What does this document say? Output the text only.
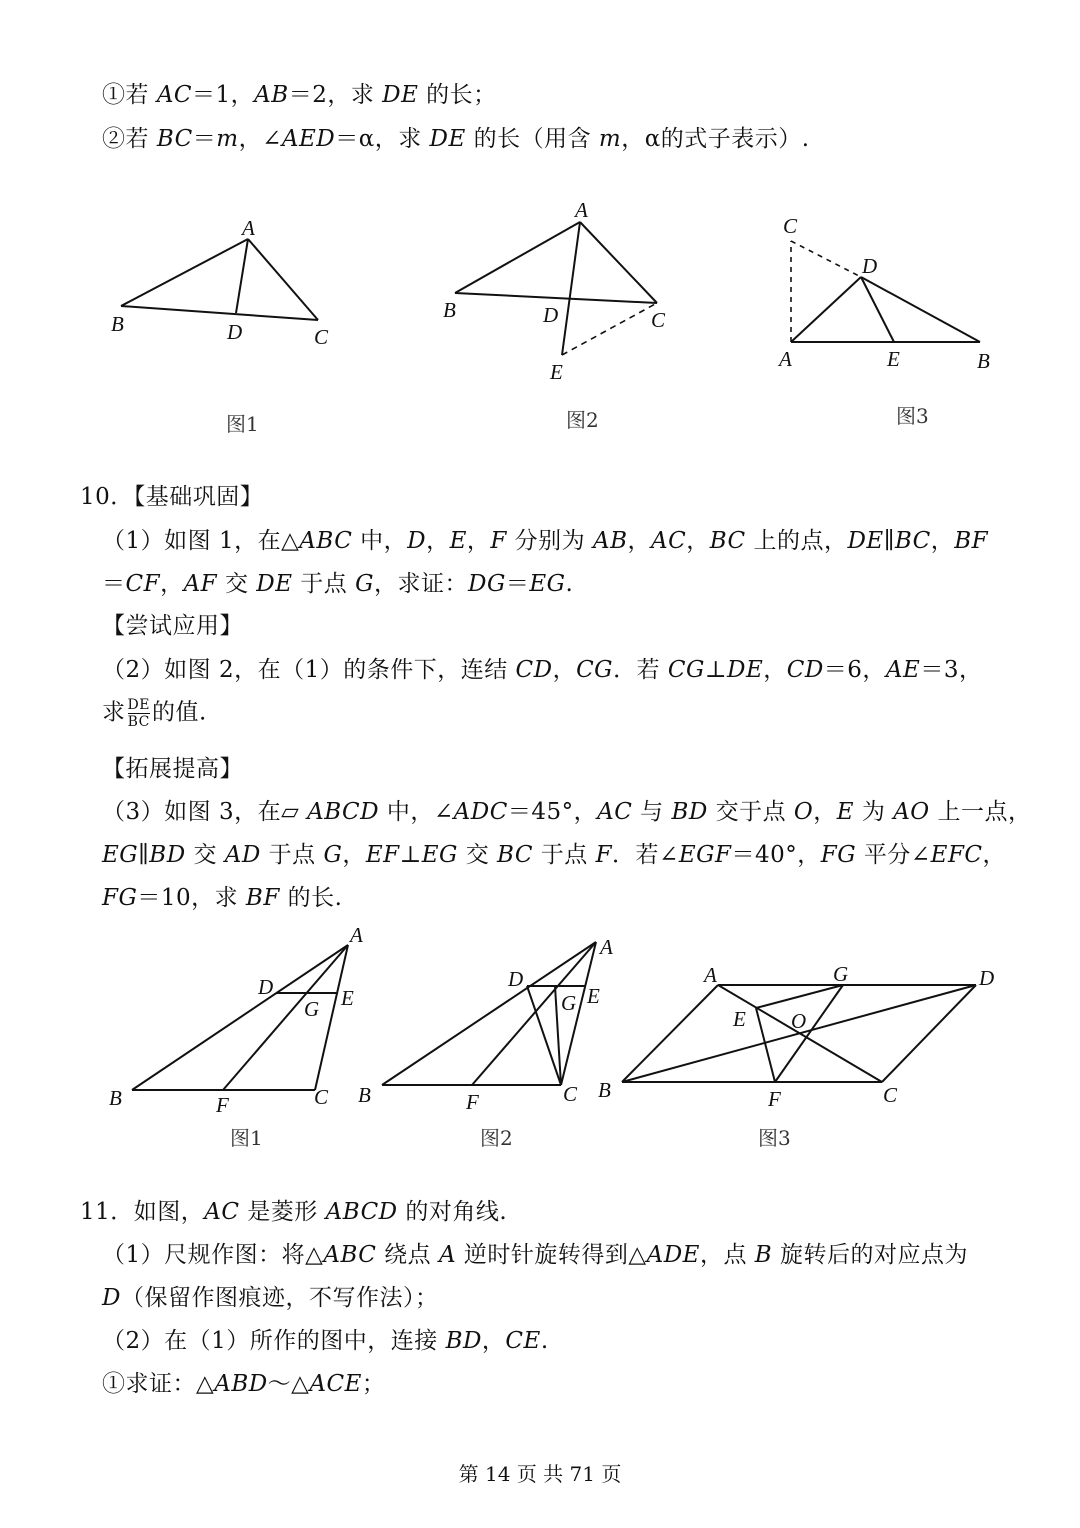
①若 AC＝1，AB＝2，求 DE 的长；
②若 BC＝m，∠AED＝α，求 DE 的长（用含 m，α的式子表示）.
A
B	D	C
图1
A
B	D	C
E
图2
C
D
A	E	B
图3
10．【基础巩固】
（1）如图 1，在△ABC 中，D，E，F 分别为 AB，AC，BC 上的点，DE∥BC，BF
＝CF，AF 交 DE 于点 G，求证：DG＝EG.
【尝试应用】
（2）如图 2，在（1）的条件下，连结 CD，CG．若 CG⊥DE，CD＝6，AE＝3，
求 $\frac{DE}{BC}$ 的值.
【拓展提高】
（3）如图 3，在▱ ABCD 中，∠ADC＝45°，AC 与 BD 交于点 O，E 为 AO 上一点，
EG∥BD 交 AD 于点 G，EF⊥EG 交 BC 于点 F．若∠EGF＝40°，FG 平分∠EFC，
FG＝10，求 BF 的长.
A
D	E
G
B	F	C
图1
A
D
G E
B	F	C
图2
A	G	D
E O
B	F	C
图3
11．如图，AC 是菱形 ABCD 的对角线.
（1）尺规作图：将△ABC 绕点 A 逆时针旋转得到△ADE，点 B 旋转后的对应点为
D（保留作图痕迹，不写作法）；
（2）在（1）所作的图中，连接 BD，CE.
①求证：△ABD～△ACE；
第 14 页 共 71 页
